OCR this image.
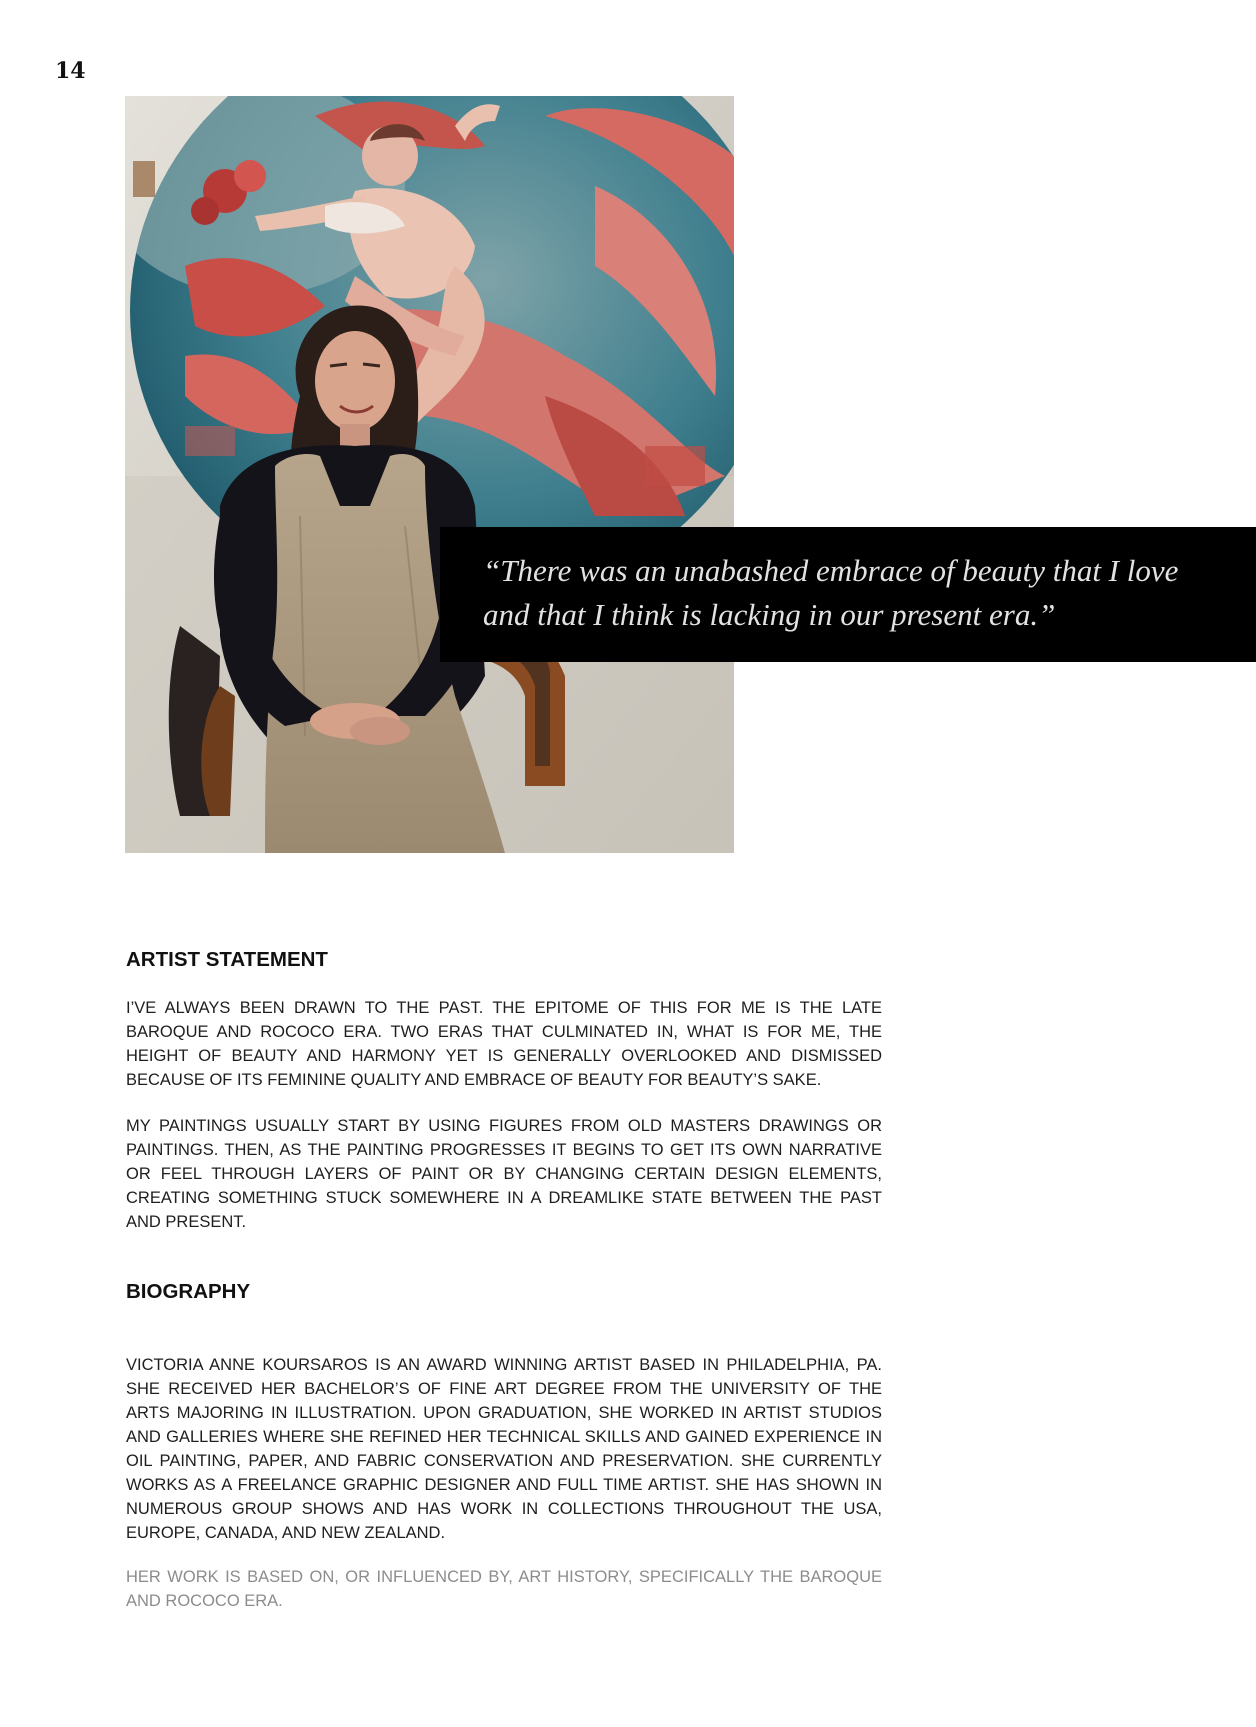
14

“There was an unabashed embrace of beauty that I love and that I think is lacking in our present era.”

ARTIST STATEMENT

I’VE ALWAYS BEEN DRAWN TO THE PAST. THE EPITOME OF THIS FOR ME IS THE LATE BAROQUE AND ROCOCO ERA. TWO ERAS THAT CULMINATED IN, WHAT IS FOR ME, THE HEIGHT OF BEAUTY AND HARMONY YET IS GENERALLY OVERLOOKED AND DISMISSED BECAUSE OF ITS FEMININE QUALITY AND EMBRACE OF BEAUTY FOR BEAUTY’S SAKE.

MY PAINTINGS USUALLY START BY USING FIGURES FROM OLD MASTERS DRAWINGS OR PAINTINGS. THEN, AS THE PAINTING PROGRESSES IT BEGINS TO GET ITS OWN NARRATIVE OR FEEL THROUGH LAYERS OF PAINT OR BY CHANGING CERTAIN DESIGN ELEMENTS, CREATING SOMETHING STUCK SOMEWHERE IN A DREAMLIKE STATE BETWEEN THE PAST AND PRESENT.

BIOGRAPHY

VICTORIA ANNE KOURSAROS IS AN AWARD WINNING ARTIST BASED IN PHILADELPHIA, PA. SHE RECEIVED HER BACHELOR’S OF FINE ART DEGREE FROM THE UNIVERSITY OF THE ARTS MAJORING IN ILLUSTRATION. UPON GRADUATION, SHE WORKED IN ARTIST STUDIOS AND GALLERIES WHERE SHE REFINED HER TECHNICAL SKILLS AND GAINED EXPERIENCE IN OIL PAINTING, PAPER, AND FABRIC CONSERVATION AND PRESERVATION. SHE CURRENTLY WORKS AS A FREELANCE GRAPHIC DESIGNER AND FULL TIME ARTIST. SHE HAS SHOWN IN NUMEROUS GROUP SHOWS AND HAS WORK IN COLLECTIONS THROUGHOUT THE USA, EUROPE, CANADA, AND NEW ZEALAND.

HER WORK IS BASED ON, OR INFLUENCED BY, ART HISTORY, SPECIFICALLY THE BAROQUE AND ROCOCO ERA.
